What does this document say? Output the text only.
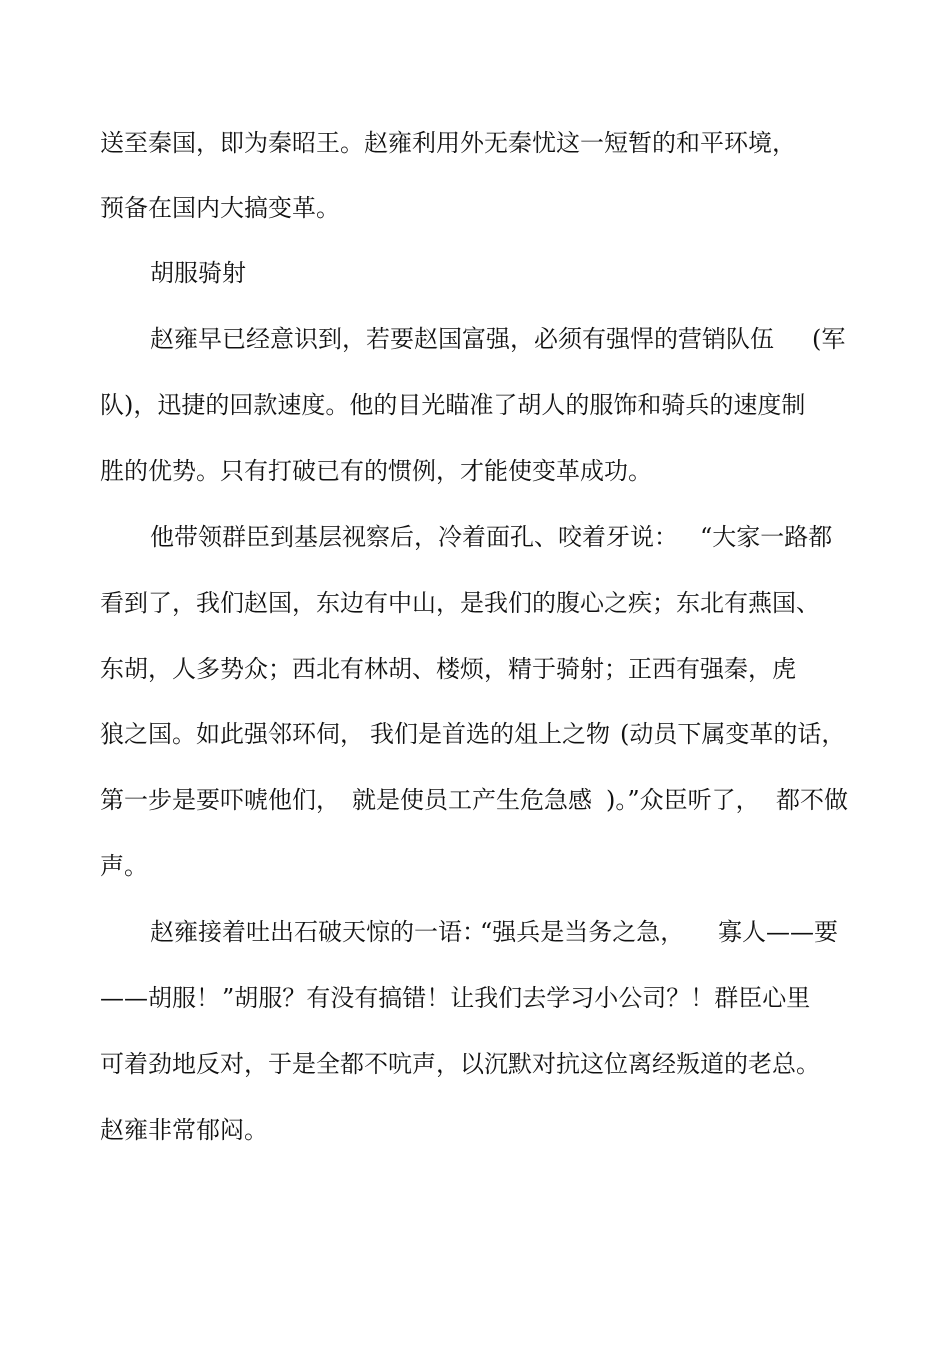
送至秦国，即为秦昭王。赵雍利用外无秦忧这一短暂的和平环境，
预备在国内大搞变革。
胡服骑射
赵雍早已经意识到，若要赵国富强，必须有强悍的营销队伍 (军
队)，迅捷的回款速度。他的目光瞄准了胡人的服饰和骑兵的速度制
胜的优势。只有打破已有的惯例，才能使变革成功。
他带领群臣到基层视察后，冷着面孔、咬着牙说： “大家一路都
看到了，我们赵国，东边有中山，是我们的腹心之疾；东北有燕国、
东胡，人多势众；西北有林胡、楼烦，精于骑射；正西有强秦，虎
狼之国。 如此强邻环伺， 我们是首选的俎上之物 (动员下属变革的话，
第一步是要吓唬他们， 就是使员工产生危急感 )。”众臣听了， 都不做
声。
赵雍接着吐出石破天惊的一语：
“强兵是当务之急， 寡人——要
——胡服！ ”胡服？有没有搞错！让我们去学习小公司？！群臣心里
可着劲地反对，于是全都不吭声，以沉默对抗这位离经叛道的老总。
赵雍非常郁闷。
